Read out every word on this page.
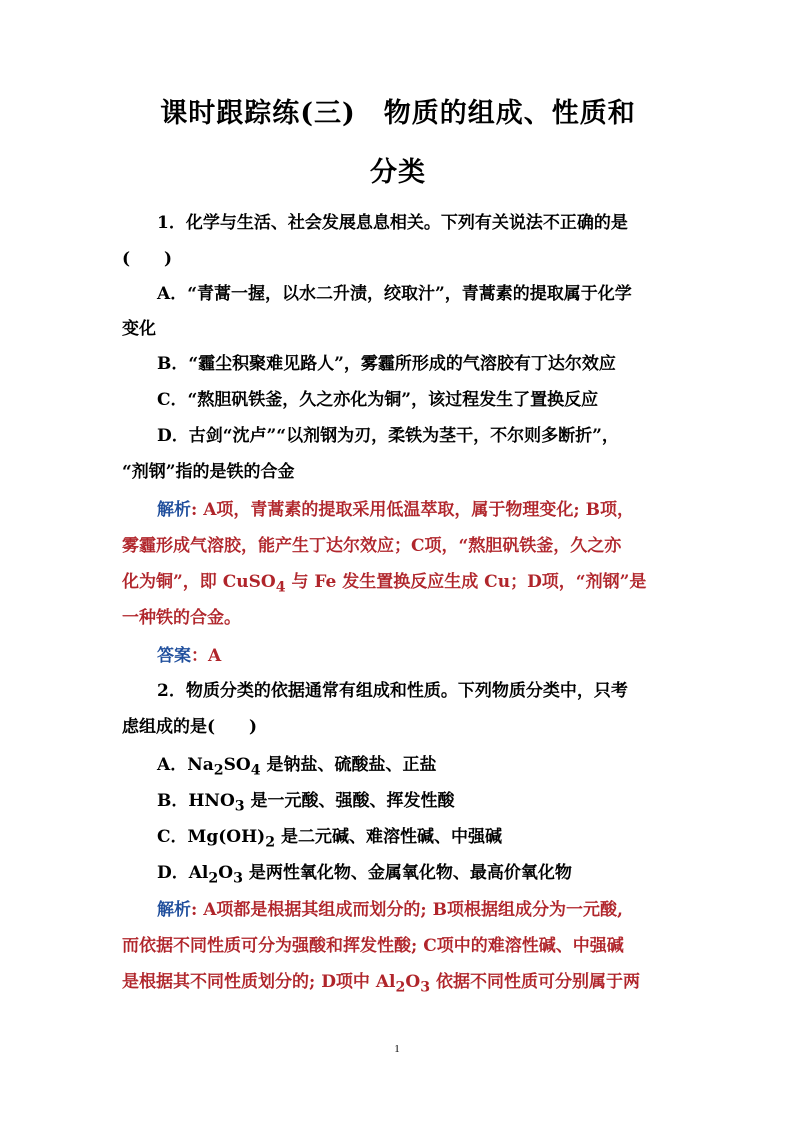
课时跟踪练(三)　物质的组成、性质和
分类
1．化学与生活、社会发展息息相关。下列有关说法不正确的是
(　　)
A．“青蒿一握，以水二升渍，绞取汁”，青蒿素的提取属于化学
变化
B．“霾尘积聚难见路人”，雾霾所形成的气溶胶有丁达尔效应
C．“熬胆矾铁釜，久之亦化为铜”，该过程发生了置换反应
D．古剑“沈卢”“以剂钢为刃，柔铁为茎干，不尔则多断折”，
“剂钢”指的是铁的合金
解析: A项，青蒿素的提取采用低温萃取，属于物理变化; B项，
雾霾形成气溶胶，能产生丁达尔效应；C项，“熬胆矾铁釜，久之亦
化为铜”，即 CuSO$_4$ 与 Fe 发生置换反应生成 Cu；D项，“剂钢”是
一种铁的合金。
答案：A
2．物质分类的依据通常有组成和性质。下列物质分类中，只考
虑组成的是(　　)
A．$Na_2SO_4$ 是钠盐、硫酸盐、正盐
B．$HNO_3$ 是一元酸、强酸、挥发性酸
C．$Mg(OH)_2$ 是二元碱、难溶性碱、中强碱
D．$Al_2O_3$ 是两性氧化物、金属氧化物、最高价氧化物
解析: A项都是根据其组成而划分的; B项根据组成分为一元酸,
而依据不同性质可分为强酸和挥发性酸; C项中的难溶性碱、中强碱
是根据其不同性质划分的; D项中 $Al_2O_3$ 依据不同性质可分别属于两
1
